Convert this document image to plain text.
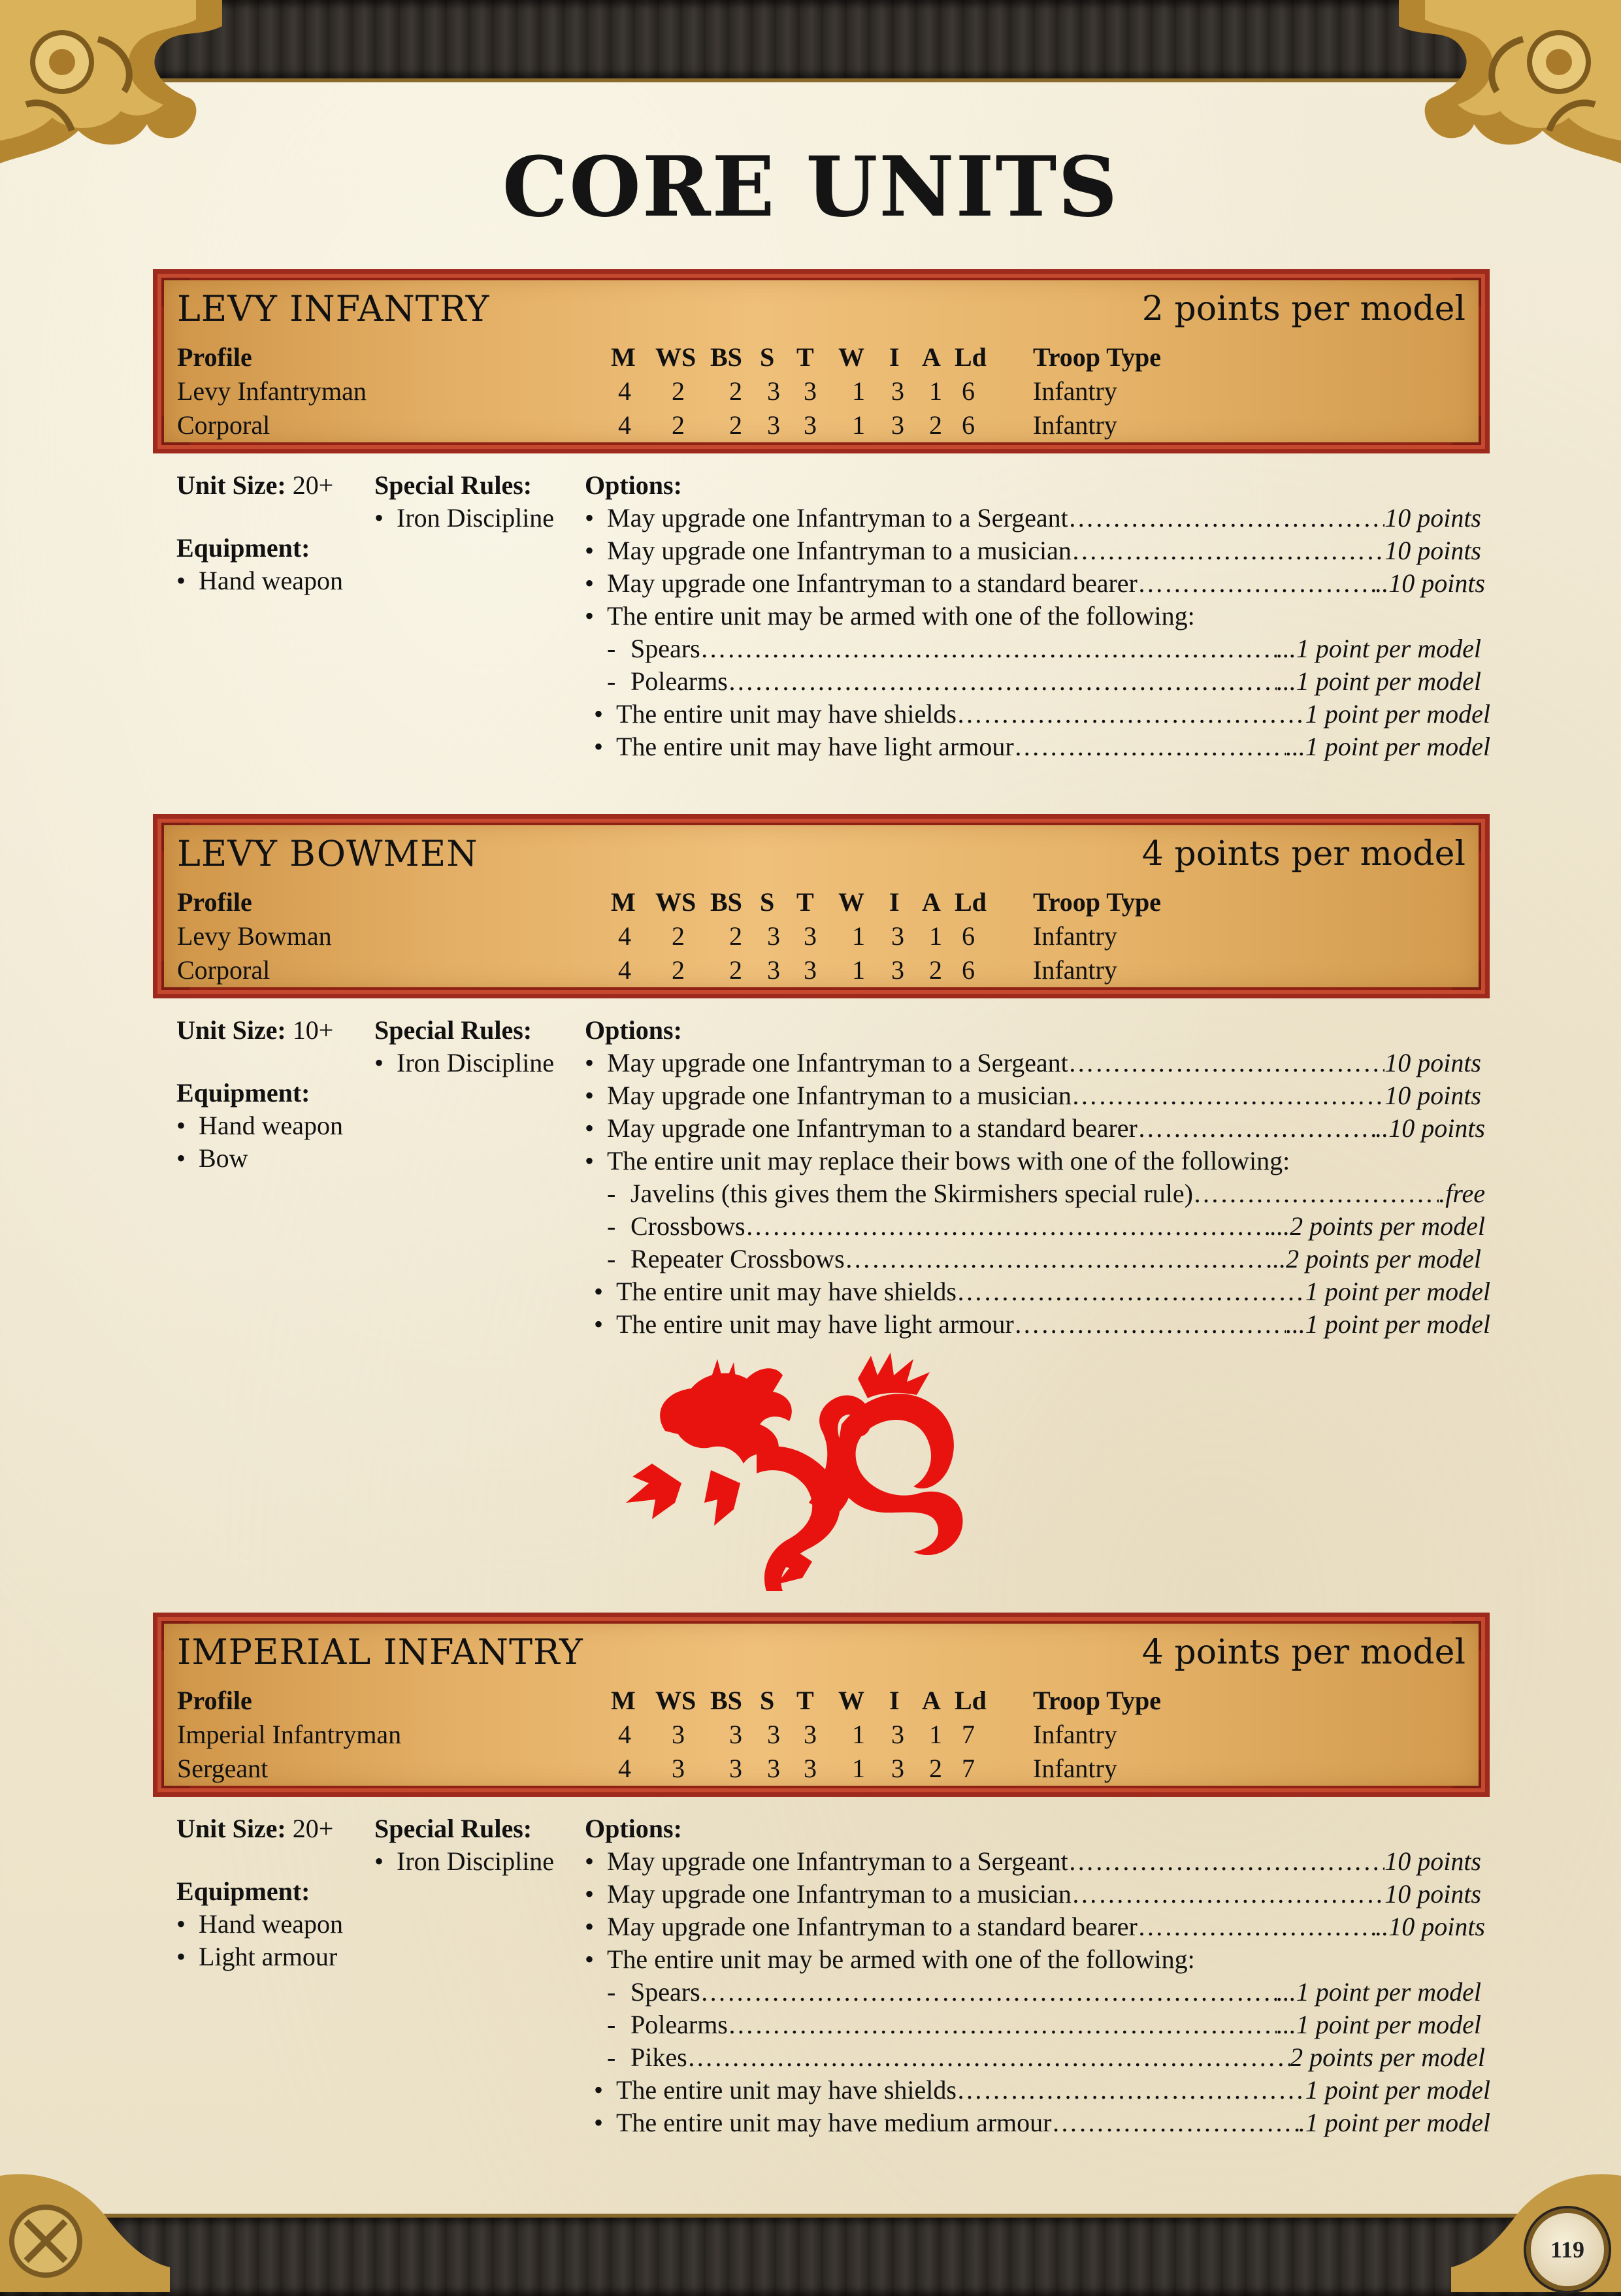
CORE UNITS
LEVY INFANTRY	2 points per model
Profile	M WS BS S T W I A Ld Troop Type
Levy Infantryman	4	2	2 3 3	1	3 1 6	Infantry
Corporal	4	2	2 3 3	1	3 2 6	Infantry
Unit Size: 20+
Equipment:
• Hand weapon
Special Rules:
• Iron Discipline
Options:
• May upgrade one Infantryman to a Sergeant …………………………………………………………………………………………………………………………………………………………………………	10 points
• May upgrade one Infantryman to a musician …………………………………………………………………………………………………………………………………………………………………………	10 points
• May upgrade one Infantryman to a standard bearer …………………………………………………………………………………………………………………………………………………………………………	..10 points
• The entire unit may be armed with one of the following:
- Spears …………………………………………………………………………………………………………………………………………………………………………	...1 point per model
- Polearms …………………………………………………………………………………………………………………………………………………………………………	...1 point per model
• The entire unit may have shields …………………………………………………………………………………………………………………………………………………………………………	1 point per model
• The entire unit may have light armour …………………………………………………………………………………………………………………………………………………………………………	...1 point per model
LEVY BOWMEN	4 points per model
Profile	M WS BS S T W I A Ld Troop Type
Levy Bowman	4	2	2 3 3	1	3 1 6	Infantry
Corporal	4	2	2 3 3	1	3 2 6	Infantry
Unit Size: 10+
Equipment:
• Hand weapon
• Bow
Special Rules:
• Iron Discipline
Options:
• May upgrade one Infantryman to a Sergeant …………………………………………………………………………………………………………………………………………………………………………	10 points
• May upgrade one Infantryman to a musician …………………………………………………………………………………………………………………………………………………………………………	10 points
• May upgrade one Infantryman to a standard bearer …………………………………………………………………………………………………………………………………………………………………………	..10 points
• The entire unit may replace their bows with one of the following:
- Javelins (this gives them the Skirmishers special rule) …………………………………………………………………………………………………………………………………………………………………………	.free
- Crossbows …………………………………………………………………………………………………………………………………………………………………………	...2 points per model
- Repeater Crossbows …………………………………………………………………………………………………………………………………………………………………………	...2 points per model
• The entire unit may have shields …………………………………………………………………………………………………………………………………………………………………………	1 point per model
• The entire unit may have light armour …………………………………………………………………………………………………………………………………………………………………………	...1 point per model
IMPERIAL INFANTRY	4 points per model
Profile	M WS BS S T W I A Ld Troop Type
Imperial Infantryman	4	3	3 3 3	1	3 1 7	Infantry
Sergeant	4	3	3 3 3	1	3 2 7	Infantry
Unit Size: 20+
Equipment:
• Hand weapon
• Light armour
Special Rules:
• Iron Discipline
Options:
• May upgrade one Infantryman to a Sergeant …………………………………………………………………………………………………………………………………………………………………………	10 points
• May upgrade one Infantryman to a musician …………………………………………………………………………………………………………………………………………………………………………	10 points
• May upgrade one Infantryman to a standard bearer …………………………………………………………………………………………………………………………………………………………………………	..10 points
• The entire unit may be armed with one of the following:
- Spears …………………………………………………………………………………………………………………………………………………………………………	...1 point per model
- Polearms …………………………………………………………………………………………………………………………………………………………………………	...1 point per model
- Pikes …………………………………………………………………………………………………………………………………………………………………………	2 points per model
• The entire unit may have shields …………………………………………………………………………………………………………………………………………………………………………	1 point per model
• The entire unit may have medium armour …………………………………………………………………………………………………………………………………………………………………………	.1 point per model
119
